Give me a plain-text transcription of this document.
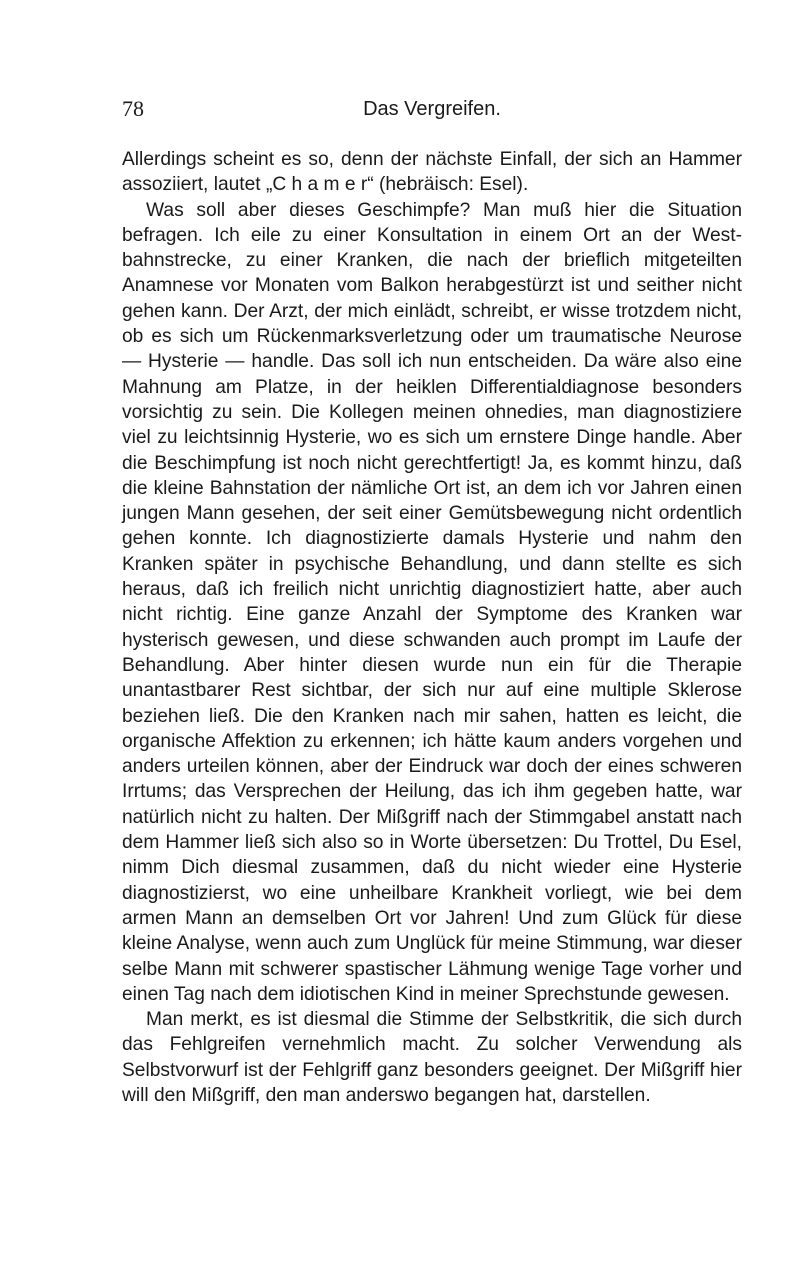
78	Das Vergreifen.

Allerdings scheint es so, denn der nächste Einfall, der sich an Hammer assoziiert, lautet „C h a m e r“ (hebräisch: Esel).

Was soll aber dieses Geschimpfe? Man muß hier die Situation befragen. Ich eile zu einer Konsultation in einem Ort an der Westbahnstrecke, zu einer Kranken, die nach der brieflich mitgeteilten Anamnese vor Monaten vom Balkon herabgestürzt ist und seither nicht gehen kann. Der Arzt, der mich einlädt, schreibt, er wisse trotzdem nicht, ob es sich um Rückenmarksverletzung oder um traumatische Neurose — Hysterie — handle. Das soll ich nun entscheiden. Da wäre also eine Mahnung am Platze, in der heiklen Differentialdiagnose besonders vorsichtig zu sein. Die Kollegen meinen ohnedies, man diagnostiziere viel zu leichtsinnig Hysterie, wo es sich um ernstere Dinge handle. Aber die Beschimpfung ist noch nicht gerechtfertigt! Ja, es kommt hinzu, daß die kleine Bahnstation der nämliche Ort ist, an dem ich vor Jahren einen jungen Mann gesehen, der seit einer Gemütsbewegung nicht ordentlich gehen konnte. Ich diagnostizierte damals Hysterie und nahm den Kranken später in psychische Behandlung, und dann stellte es sich heraus, daß ich freilich nicht unrichtig diagnostiziert hatte, aber auch nicht richtig. Eine ganze Anzahl der Symptome des Kranken war hysterisch gewesen, und diese schwanden auch prompt im Laufe der Behandlung. Aber hinter diesen wurde nun ein für die Therapie unantastbarer Rest sichtbar, der sich nur auf eine multiple Sklerose beziehen ließ. Die den Kranken nach mir sahen, hatten es leicht, die organische Affektion zu erkennen; ich hätte kaum anders vorgehen und anders urteilen können, aber der Eindruck war doch der eines schweren Irrtums; das Versprechen der Heilung, das ich ihm gegeben hatte, war natürlich nicht zu halten. Der Mißgriff nach der Stimmgabel anstatt nach dem Hammer ließ sich also so in Worte übersetzen: Du Trottel, Du Esel, nimm Dich diesmal zusammen, daß du nicht wieder eine Hysterie diagnostizierst, wo eine unheilbare Krankheit vorliegt, wie bei dem armen Mann an demselben Ort vor Jahren! Und zum Glück für diese kleine Analyse, wenn auch zum Unglück für meine Stimmung, war dieser selbe Mann mit schwerer spastischer Lähmung wenige Tage vorher und einen Tag nach dem idiotischen Kind in meiner Sprechstunde gewesen.

Man merkt, es ist diesmal die Stimme der Selbstkritik, die sich durch das Fehlgreifen vernehmlich macht. Zu solcher Verwendung als Selbstvorwurf ist der Fehlgriff ganz besonders geeignet. Der Mißgriff hier will den Mißgriff, den man anderswo begangen hat, darstellen.
